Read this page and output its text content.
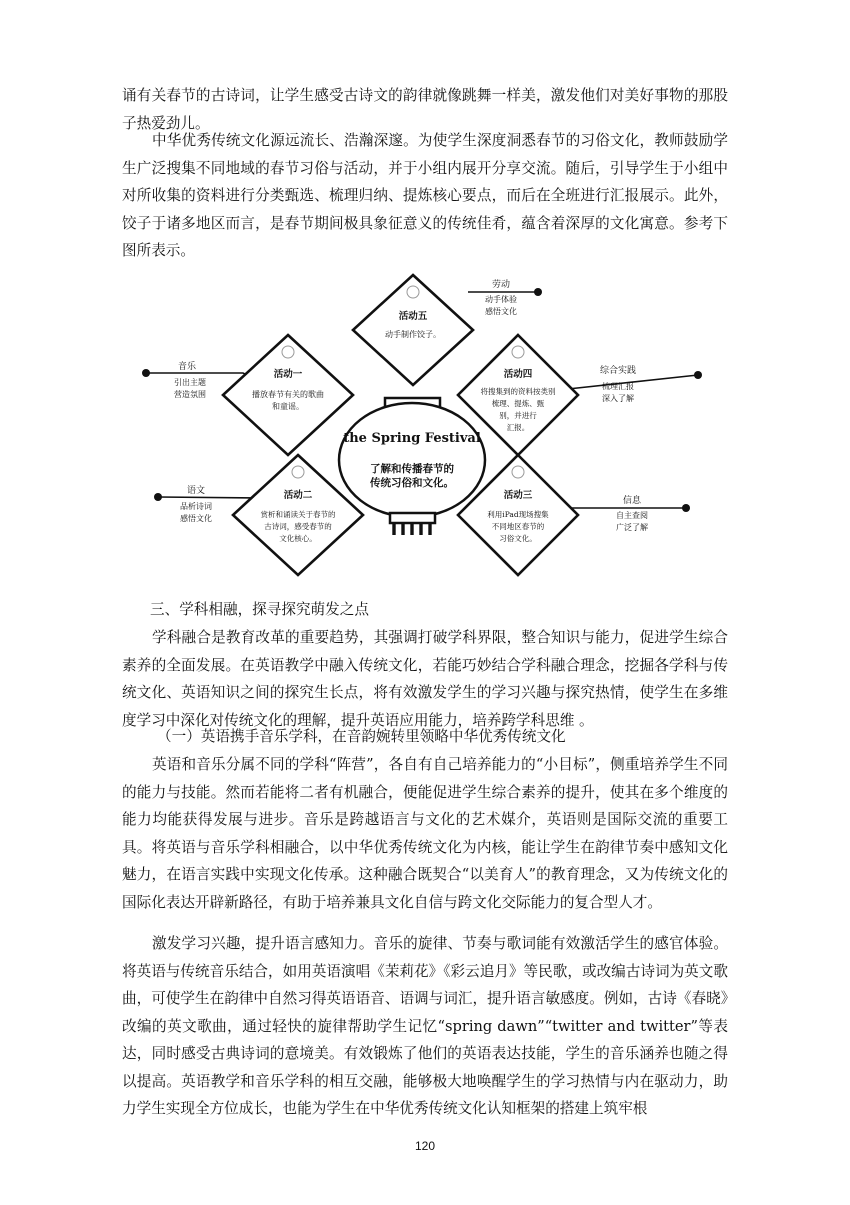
诵有关春节的古诗词，让学生感受古诗文的韵律就像跳舞一样美，激发他们对美好事物的那股子热爱劲儿。

中华优秀传统文化源远流长、浩瀚深邃。为使学生深度洞悉春节的习俗文化，教师鼓励学生广泛搜集不同地域的春节习俗与活动，并于小组内展开分享交流。随后，引导学生于小组中对所收集的资料进行分类甄选、梳理归纳、提炼核心要点，而后在全班进行汇报展示。此外，饺子于诸多地区而言，是春节期间极具象征意义的传统佳肴，蕴含着深厚的文化寓意。参考下图所表示。

the Spring Festival
了解和传播春节的
传统习俗和文化。
活动五
动手制作饺子。
活动一
播放春节有关的歌曲
和童谣。
活动四
将搜集到的资料按类别
梳理、提炼、甄
别，并进行
汇报。
活动二
赏析和诵读关于春节的
古诗词，感受春节的
文化核心。
活动三
利用iPad现场搜集
不同地区春节的
习俗文化。
劳动
动手体验
感悟文化
音乐
引出主题
营造氛围
综合实践
梳理汇报
深入了解
语文
品析诗词
感悟文化
信息
自主查阅
广泛了解

三、学科相融，探寻探究萌发之点

学科融合是教育改革的重要趋势，其强调打破学科界限，整合知识与能力，促进学生综合素养的全面发展。在英语教学中融入传统文化，若能巧妙结合学科融合理念，挖掘各学科与传统文化、英语知识之间的探究生长点，将有效激发学生的学习兴趣与探究热情，使学生在多维度学习中深化对传统文化的理解，提升英语应用能力，培养跨学科思维 。

（一）英语携手音乐学科，在音韵婉转里领略中华优秀传统文化

英语和音乐分属不同的学科“阵营”，各自有自己培养能力的“小目标”，侧重培养学生不同的能力与技能。然而若能将二者有机融合，便能促进学生综合素养的提升，使其在多个维度的能力均能获得发展与进步。音乐是跨越语言与文化的艺术媒介，英语则是国际交流的重要工具。将英语与音乐学科相融合，以中华优秀传统文化为内核，能让学生在韵律节奏中感知文化魅力，在语言实践中实现文化传承。这种融合既契合“以美育人”的教育理念，又为传统文化的国际化表达开辟新路径，有助于培养兼具文化自信与跨文化交际能力的复合型人才。

激发学习兴趣，提升语言感知力。音乐的旋律、节奏与歌词能有效激活学生的感官体验。将英语与传统音乐结合，如用英语演唱《茉莉花》《彩云追月》等民歌，或改编古诗词为英文歌曲，可使学生在韵律中自然习得英语语音、语调与词汇，提升语言敏感度。例如，古诗《春晓》改编的英文歌曲，通过轻快的旋律帮助学生记忆“spring dawn”“twitter and twitter”等表达，同时感受古典诗词的意境美。有效锻炼了他们的英语表达技能，学生的音乐涵养也随之得以提高。英语教学和音乐学科的相互交融，能够极大地唤醒学生的学习热情与内在驱动力，助力学生实现全方位成长，也能为学生在中华优秀传统文化认知框架的搭建上筑牢根

120
